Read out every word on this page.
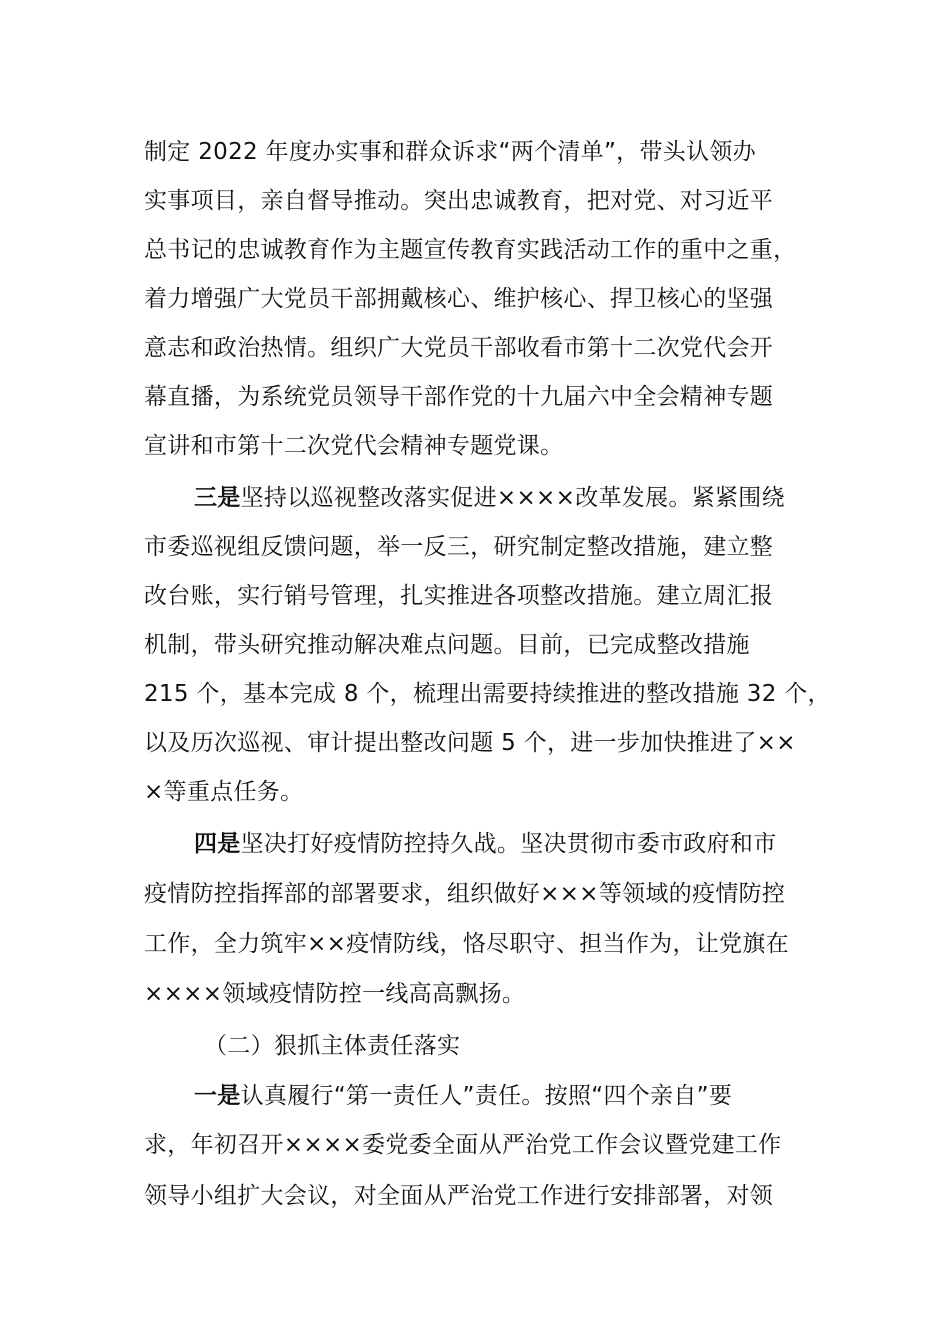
制定 2022 年度办实事和群众诉求“两个清单”，带头认领办
实事项目，亲自督导推动。突出忠诚教育，把对党、对习近平
总书记的忠诚教育作为主题宣传教育实践活动工作的重中之重，
着力增强广大党员干部拥戴核心、维护核心、捍卫核心的坚强
意志和政治热情。组织广大党员干部收看市第十二次党代会开
幕直播，为系统党员领导干部作党的十九届六中全会精神专题
宣讲和市第十二次党代会精神专题党课。
三是坚持以巡视整改落实促进××××改革发展。紧紧围绕
市委巡视组反馈问题，举一反三，研究制定整改措施，建立整
改台账，实行销号管理，扎实推进各项整改措施。建立周汇报
机制，带头研究推动解决难点问题。目前，已完成整改措施
215 个，基本完成 8 个，梳理出需要持续推进的整改措施 32 个，
以及历次巡视、审计提出整改问题 5 个，进一步加快推进了××
×等重点任务。
四是坚决打好疫情防控持久战。坚决贯彻市委市政府和市
疫情防控指挥部的部署要求，组织做好×××等领域的疫情防控
工作，全力筑牢××疫情防线，恪尽职守、担当作为，让党旗在
××××领域疫情防控一线高高飘扬。
（二）狠抓主体责任落实
一是认真履行“第一责任人”责任。按照“四个亲自”要
求，年初召开××××委党委全面从严治党工作会议暨党建工作
领导小组扩大会议，对全面从严治党工作进行安排部署，对领
